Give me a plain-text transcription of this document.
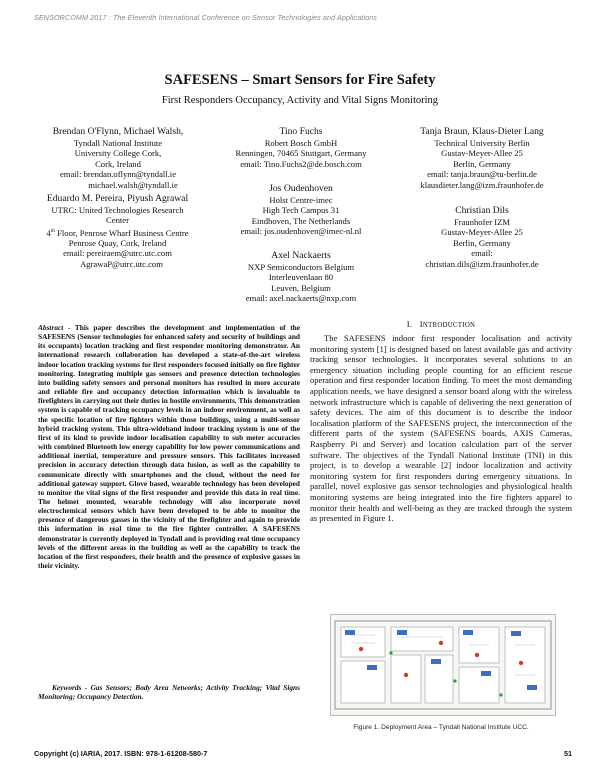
SENSORCOMM 2017 : The Eleventh International Conference on Sensor Technologies and Applications
SAFESENS – Smart Sensors for Fire Safety
First Responders Occupancy, Activity and Vital Signs Monitoring
Brendan O'Flynn, Michael Walsh,
Tyndall National Institute
University College Cork,
Cork, Ireland
email: brendan.oflynn@tyndall.ie
michael.walsh@tyndall.ie
Eduardo M. Pereira, Piyush Agrawal
UTRC: United Technologies Research Center
4th Floor, Penrose Wharf Business Centre
Penrose Quay, Cork, Ireland
email: pereiraem@utrc.utc.com
AgrawaP@utrc.utc.com
Tino Fuchs
Robert Bosch GmbH
Renningen, 70465 Stuttgart, Germany
email: Tino.Fuchs2@de.bosch.com
Jos Oudenhoven
Holst Centre-imec
High Tech Campus 31
Eindhoven, The Netherlands
email: jos.oudenhoven@imec-nl.nl
Axel Nackaerts
NXP Semiconductors Belgium
Interleuvenlaan 80
Leuven, Belgium
email: axel.nackaerts@nxp.com
Tanja Braun, Klaus-Dieter Lang
Technical University Berlin
Gustav-Meyer-Allee 25
Berlin, Germany
email: tanja.braun@tu-berlin.de
klausdieter.lang@izm.fraunhofer.de
Christian Dils
Fraunhofer IZM
Gustav-Meyer-Allee 25
Berlin, Germany
email:
christian.dils@izm.fraunhofer.de
Abstract - This paper describes the development and implementation of the SAFESENS (Sensor technologies for enhanced safety and security of buildings and its occupants) location tracking and first responder monitoring demonstrator. An international research collaboration has developed a state-of-the-art wireless indoor location tracking systems for first responders focused initially on fire fighter monitoring. Integrating multiple gas sensors and presence detection technologies into building safety sensors and personal monitors has resulted in more accurate and reliable fire and occupancy detection information which is invaluable to firefighters in carrying out their duties in hostile environments. This demonstration system is capable of tracking occupancy levels in an indoor environment, as well as the specific location of fire fighters within those buildings, using a multi-sensor hybrid tracking system. This ultra-wideband indoor tracking system is one of the first of its kind to provide indoor localisation capability to sub meter accuracies with combined Bluetooth low energy capability for low power communications and additional inertial, temperature and pressure sensors. This facilitates increased precision in accuracy detection through data fusion, as well as the capability to communicate directly with smartphones and the cloud, without the need for additional gateway support. Glove based, wearable technology has been developed to monitor the vital signs of the first responder and provide this data in real time. The helmet mounted, wearable technology will also incorporate novel electrochemical sensors which have been developed to be able to monitor the presence of dangerous gasses in the vicinity of the firefighter and again to provide this information in real time to the fire fighter controller. A SAFESENS demonstrator is currently deployed in Tyndall and is providing real time occupancy levels of the different areas in the building as well as the capability to track the location of the first responders, their health and the presence of explosive gasses in their vicinity.
Keywords - Gas Sensors; Body Area Networks; Activity Tracking; Vital Signs Monitoring; Occupancy Detection.
I. INTRODUCTION
The SAFESENS indoor first responder localisation and activity monitoring system [1] is designed based on latest available gas and activity tracking sensor technologies. It incorporates several solutions to an emergency situation including people counting for an efficient rescue operation and first responder location finding. To meet the most demanding application needs, we have designed a sensor board along with the wireless network infrastructure which is capable of delivering the next generation of safety devices. The aim of this document is to describe the indoor localisation platform of the SAFESENS project, the interconnection of the different parts of the system (SAFESENS boards, AXIS Cameras, Raspberry Pi and Server) and location calculation part of the server software. The objectives of the Tyndall National Institute (TNI) in this project, is to develop a wearable [2] indoor localization and activity monitoring system for first responders during emergency situations. In parallel, novel explosive gas sensor technologies and physiological health monitoring systems are being integrated into the fire fighters apparel to monitor their health and well-being as they are tracked through the system as presented in Figure 1.
Figure 1. Deployment Area – Tyndall National Institute UCC.
Copyright (c) IARIA, 2017. ISBN: 978-1-61208-580-7	51
